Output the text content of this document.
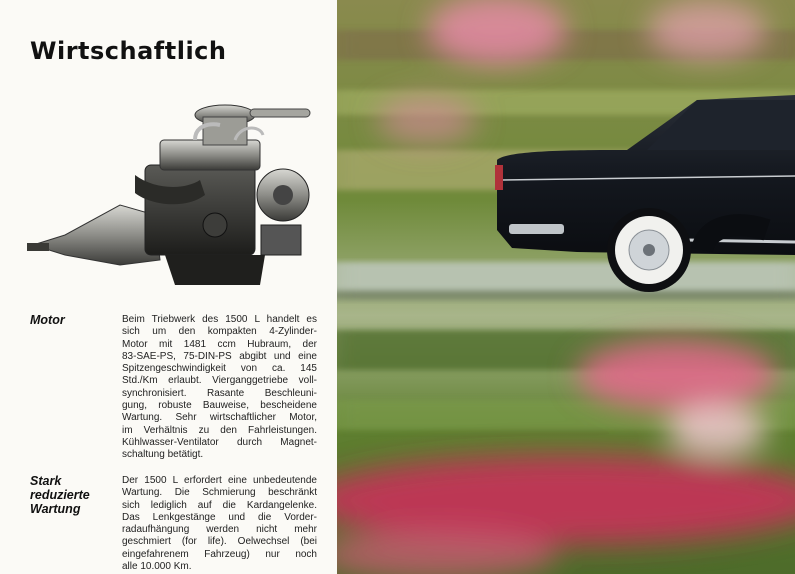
Wirtschaftlich
Motor	Beim Triebwerk des 1500 L handelt es
sich um den kompakten 4-Zylinder-
Motor mit 1481 ccm Hubraum, der
83-SAE-PS, 75-DIN-PS abgibt und eine
Spitzengeschwindigkeit von ca. 145
Std./Km erlaubt. Vierganggetriebe voll-
synchronisiert. Rasante Beschleuni-
gung, robuste Bauweise, bescheidene
Wartung. Sehr wirtschaftlicher Motor,
im Verhältnis zu den Fahrleistungen.
Kühlwasser-Ventilator durch Magnet-
schaltung betätigt.
Stark
reduzierte
Wartung
Der 1500 L erfordert eine unbedeutende
Wartung. Die Schmierung beschränkt
sich lediglich auf die Kardangelenke.
Das Lenkgestänge und die Vorder-
radaufhängung werden nicht mehr
geschmiert (for life). Oelwechsel (bei
eingefahrenem Fahrzeug) nur noch
alle 10.000 Km.
